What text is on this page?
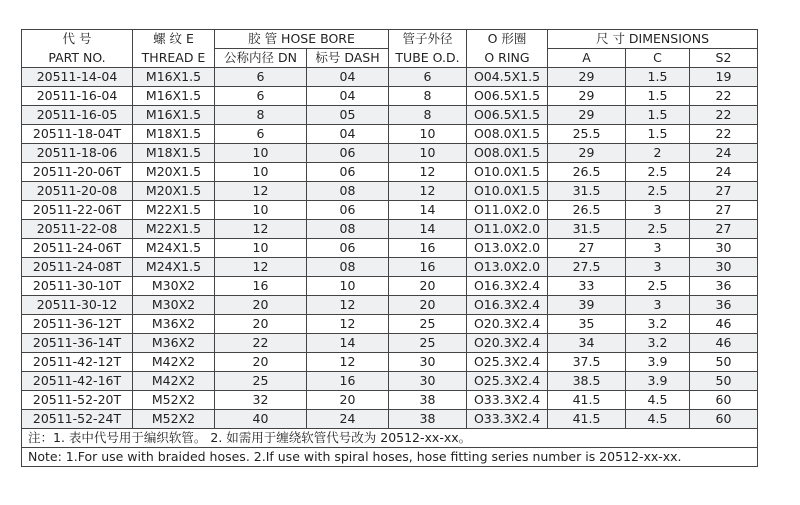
代 号	螺 纹 E	胶 管 HOSE BORE		管子外径	O 形圈	尺 寸 DIMENSIONS		
PART NO.	THREAD E	公称内径 DN	标号 DASH	TUBE O.D.	O RING	A	C	S2
20511-14-04	M16X1.5	6	04	6	O04.5X1.5	29	1.5	19
20511-16-04	M16X1.5	6	04	8	O06.5X1.5	29	1.5	22
20511-16-05	M16X1.5	8	05	8	O06.5X1.5	29	1.5	22
20511-18-04T	M18X1.5	6	04	10	O08.0X1.5	25.5	1.5	22
20511-18-06	M18X1.5	10	06	10	O08.0X1.5	29	2	24
20511-20-06T	M20X1.5	10	06	12	O10.0X1.5	26.5	2.5	24
20511-20-08	M20X1.5	12	08	12	O10.0X1.5	31.5	2.5	27
20511-22-06T	M22X1.5	10	06	14	O11.0X2.0	26.5	3	27
20511-22-08	M22X1.5	12	08	14	O11.0X2.0	31.5	2.5	27
20511-24-06T	M24X1.5	10	06	16	O13.0X2.0	27	3	30
20511-24-08T	M24X1.5	12	08	16	O13.0X2.0	27.5	3	30
20511-30-10T	M30X2	16	10	20	O16.3X2.4	33	2.5	36
20511-30-12	M30X2	20	12	20	O16.3X2.4	39	3	36
20511-36-12T	M36X2	20	12	25	O20.3X2.4	35	3.2	46
20511-36-14T	M36X2	22	14	25	O20.3X2.4	34	3.2	46
20511-42-12T	M42X2	20	12	30	O25.3X2.4	37.5	3.9	50
20511-42-16T	M42X2	25	16	30	O25.3X2.4	38.5	3.9	50
20511-52-20T	M52X2	32	20	38	O33.3X2.4	41.5	4.5	60
20511-52-24T	M52X2	40	24	38	O33.3X2.4	41.5	4.5	60
注：1. 表中代号用于编织软管。 2. 如需用于缠绕软管代号改为 20512-xx-xx。								
Note: 1.For use with braided hoses. 2.If use with spiral hoses, hose fitting series number is 20512-xx-xx.								
